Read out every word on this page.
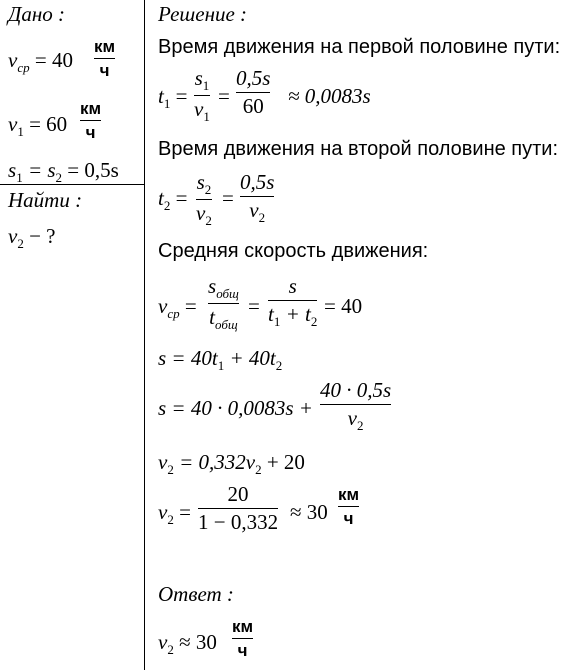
Дано :
$v_{ср} = 40$
км
ч
$v_1 = 60$
км
ч
$s_1 = s_2 = 0,5s$
Найти :
$v_2$ − ?
Решение :
Время движения на первой половине пути:
$t_1$ =
$s_1$
$v_1$
=
0,5s
60 ≈ 0,0083s
Время движения на второй половине пути:
$t_2$ =
$s_2$
$v_2$
=
0,5s
$v_2$
Средняя скорость движения:
$v_{ср}$ =
$s_{общ}$
$t_{общ}$
=
s
$t_1 + t_2$
= 40
$s = 40t_1 + 40t_2$
s = 40 · 0,0083s +
40 · 0,5s
$v_2$
$v_2 = 0,332v_2 + 20$
$v_2$ =
20
1 − 0,332 ≈ 30
км
ч
Ответ :
$v_2 \approx 30$
км
ч
